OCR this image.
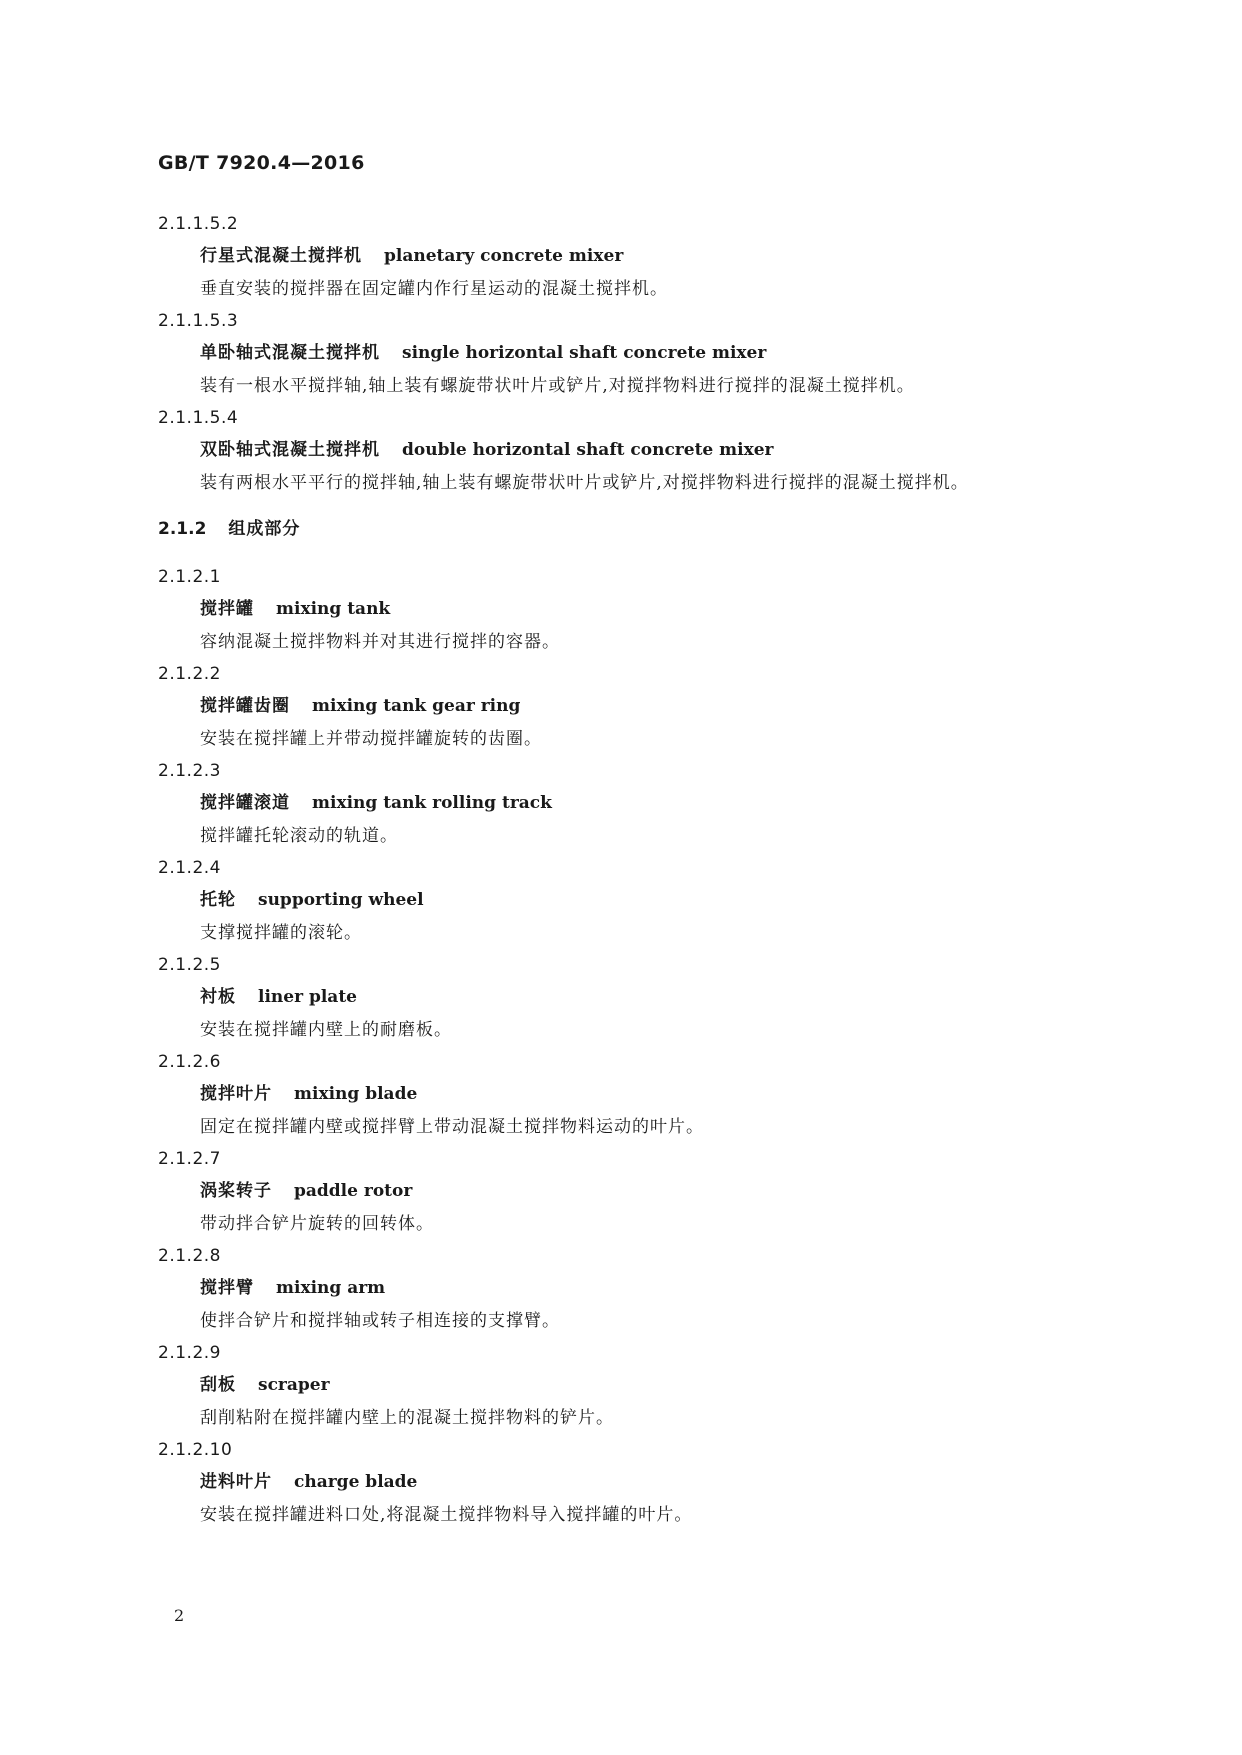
GB/T 7920.4—2016
2.1.1.5.2
行星式混凝土搅拌机 planetary concrete mixer
垂直安装的搅拌器在固定罐内作行星运动的混凝土搅拌机。
2.1.1.5.3
单卧轴式混凝土搅拌机 single horizontal shaft concrete mixer
装有一根水平搅拌轴,轴上装有螺旋带状叶片或铲片,对搅拌物料进行搅拌的混凝土搅拌机。
2.1.1.5.4
双卧轴式混凝土搅拌机 double horizontal shaft concrete mixer
装有两根水平平行的搅拌轴,轴上装有螺旋带状叶片或铲片,对搅拌物料进行搅拌的混凝土搅拌机。
2.1.2 组成部分
2.1.2.1
搅拌罐 mixing tank
容纳混凝土搅拌物料并对其进行搅拌的容器。
2.1.2.2
搅拌罐齿圈 mixing tank gear ring
安装在搅拌罐上并带动搅拌罐旋转的齿圈。
2.1.2.3
搅拌罐滚道 mixing tank rolling track
搅拌罐托轮滚动的轨道。
2.1.2.4
托轮 supporting wheel
支撑搅拌罐的滚轮。
2.1.2.5
衬板 liner plate
安装在搅拌罐内壁上的耐磨板。
2.1.2.6
搅拌叶片 mixing blade
固定在搅拌罐内壁或搅拌臂上带动混凝土搅拌物料运动的叶片。
2.1.2.7
涡桨转子 paddle rotor
带动拌合铲片旋转的回转体。
2.1.2.8
搅拌臂 mixing arm
使拌合铲片和搅拌轴或转子相连接的支撑臂。
2.1.2.9
刮板 scraper
刮削粘附在搅拌罐内壁上的混凝土搅拌物料的铲片。
2.1.2.10
进料叶片 charge blade
安装在搅拌罐进料口处,将混凝土搅拌物料导入搅拌罐的叶片。
2
